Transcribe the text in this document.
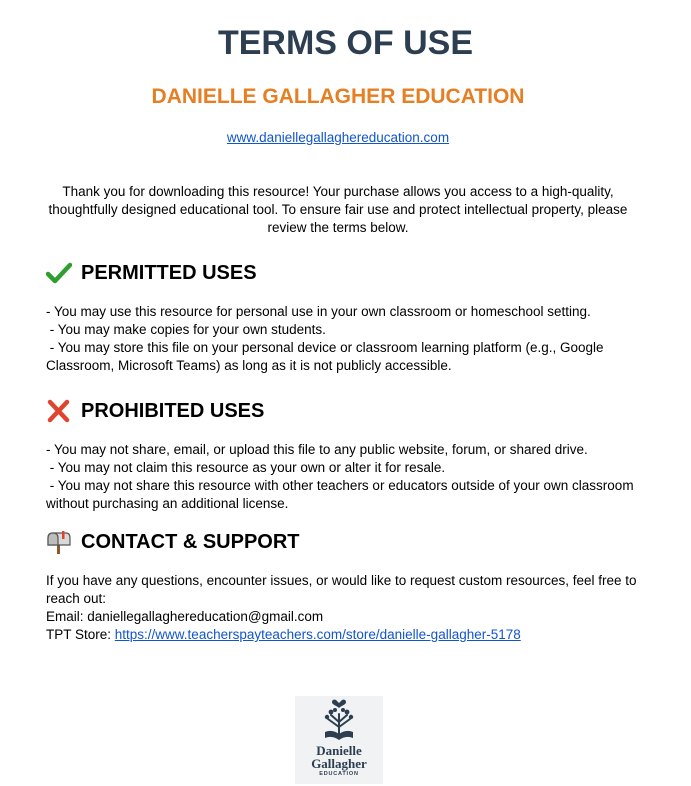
TERMS OF USE
DANIELLE GALLAGHER EDUCATION
www.daniellegallaghereducation.com

Thank you for downloading this resource! Your purchase allows you access to a high-quality, thoughtfully designed educational tool. To ensure fair use and protect intellectual property, please review the terms below.

PERMITTED USES
- You may use this resource for personal use in your own classroom or homeschool setting.
- You may make copies for your own students.
- You may store this file on your personal device or classroom learning platform (e.g., Google Classroom, Microsoft Teams) as long as it is not publicly accessible.
PROHIBITED USES
- You may not share, email, or upload this file to any public website, forum, or shared drive.
- You may not claim this resource as your own or alter it for resale.
- You may not share this resource with other teachers or educators outside of your own classroom without purchasing an additional license.
CONTACT & SUPPORT
If you have any questions, encounter issues, or would like to request custom resources, feel free to reach out:
Email: daniellegallaghereducation@gmail.com
TPT Store: https://www.teacherspayteachers.com/store/danielle-gallagher-5178
Danielle
Gallagher
EDUCATION
